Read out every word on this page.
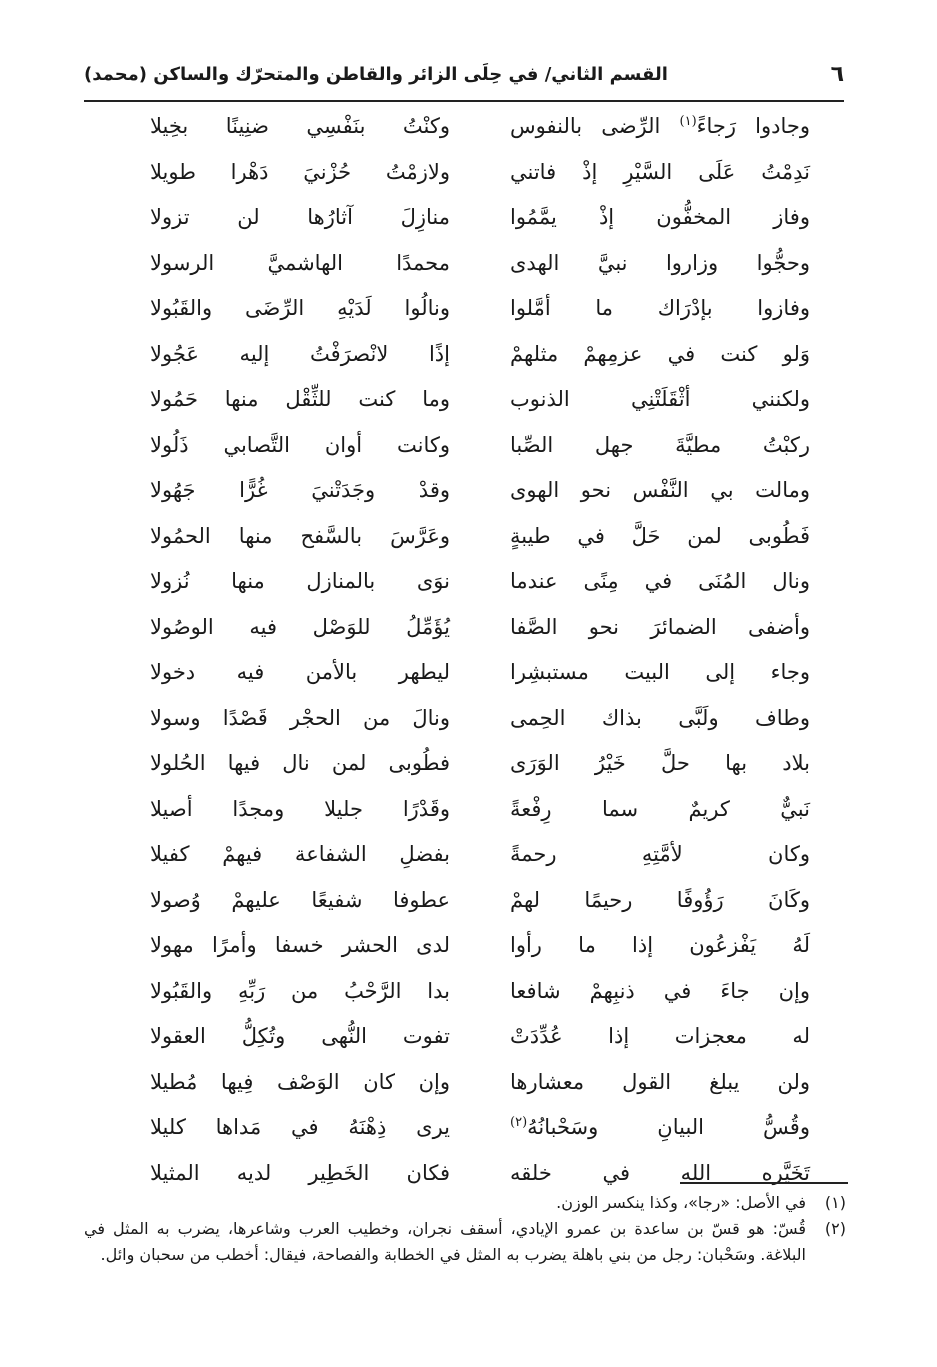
٦
القسم الثاني/ في حِلَى الزائر والقاطن والمتحرّك والساكن (محمد)
وجادوا رَجاءً$^{(١)}$ الرِّضى بالنفوس
وكنْتُ بنَفْسِي ضنِينًا بخِيلا
نَدِمْتُ عَلَى السَّيْرِ إذْ فاتني
ولازمْتُ حُزْنيَ دَهْرا طويلا
وفاز المخفُّون إذْ يمَّمُوا
منازِلَ آثارُها لن تزولا
وحجُّوا وزاروا نبيَّ الهدى
محمدًا الهاشميَّ الرسولا
وفازوا بإدْرَاك ما أمَّلوا
ونالُوا لَدَيْهِ الرِّضَى والقَبُولا
وَلو كنت في عزمِهمْ مثلهمْ
إذًا لانْصرَفْتُ إليه عَجُولا
ولكنني أثْقَلَتْنِي الذنوب
وما كنت للثِّقْل منها حَمُولا
ركبْتُ مطيَّةَ جهل الصِّبا
وكانت أوان التَّصابي ذَلُولا
ومالت بي النَّفْس نحو الهوى
وقدْ وجَدَتْنيَ غُرًّا جَهُولا
فَطُوبى لمن حَلَّ في طيبةٍ
وعَرَّسَ بالسَّفح منها الحمُولا
ونال المُنَى في مِنًى عندما
نوَى بالمنازل منها نُزولا
وأضفى الضمائرَ نحو الصَّفا
يُؤَمِّلُ للوَصْل فيه الوصُولا
وجاء إلى البيت مستبشِرا
ليطهر بالأمن فيه دخولا
وطاف ولَبَّى بذاك الحِمى
ونالَ من الحجْر قَصْدًا وسولا
بلاد بها حلَّ خَيْرُ الوَرَى
فطُوبى لمن نال فيها الحُلولا
نَبيٌّ كريمٌ سما رِفْعةً
وقَدْرًا جليلا ومجدًا أصيلا
وكان لأمَّتِهِ رحمةً
بفضلِ الشفاعة فيهمْ كفيلا
وكَانَ رَؤُوفًا رحيمًا لهمْ
عطوفا شفيعًا عليهمْ وُصولا
لَهُ يَفْزعُون إذا ما رأوا
لدى الحشر خسفا وأمرًا مهولا
وإن جاءَ في ذنبِهمْ شافعا
بدا الرَّحْبُ من رَبِّهِ والقَبُولا
له معجزات إذا عُدِّدَتْ
تفوت النُّهى وتُكِلُّ العقولا
ولن يبلغ القول معشارها
وإن كان الوَصْف فِيها مُطيلا
وقُسُّ البيانِ وسَحْبانُهُ$^{(٢)}$
يرى ذِهْنَهُ في مَداها كليلا
تَخَيَّره الله في خلقه
فكان الخَطِير لديه المثيلا
(١)
في الأصل: «رجا»، وكذا ينكسر الوزن.
(٢)
قُسّ: هو قسّ بن ساعدة بن عمرو الإيادي، أسقف نجران، وخطيب العرب وشاعرها، يضرب به المثل في البلاغة. وسَحْبان: رجل من بني باهلة يضرب به المثل في الخطابة والفصاحة، فيقال: أخطب من سحبان وائل.
